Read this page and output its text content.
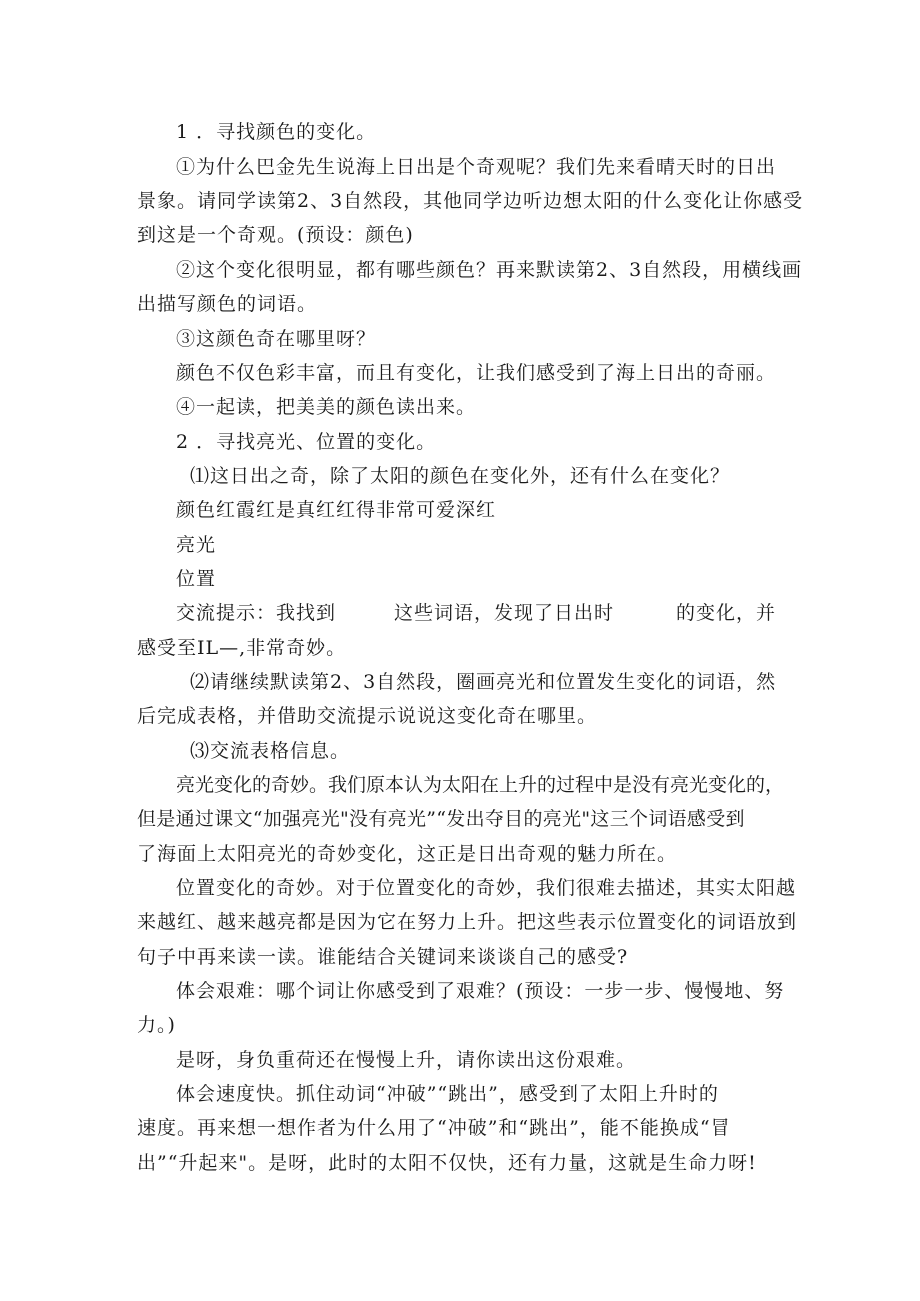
1 ．寻找颜色的变化。
①为什么巴金先生说海上日出是个奇观呢？我们先来看晴天时的日出
景象。请同学读第2、3自然段，其他同学边听边想太阳的什么变化让你感受
到这是一个奇观。(预设：颜色)
②这个变化很明显，都有哪些颜色？再来默读第2、3自然段，用横线画
出描写颜色的词语。
③这颜色奇在哪里呀？
颜色不仅色彩丰富，而且有变化，让我们感受到了海上日出的奇丽。
④一起读，把美美的颜色读出来。
2 ．寻找亮光、位置的变化。
⑴这日出之奇，除了太阳的颜色在变化外，还有什么在变化？
颜色红霞红是真红红得非常可爱深红
亮光
位置
交流提示：我找到	这些词语，发现了日出时	的变化，并
感受至IL—,非常奇妙。
⑵请继续默读第2、3自然段，圈画亮光和位置发生变化的词语，然
后完成表格，并借助交流提示说说这变化奇在哪里。
⑶交流表格信息。
亮光变化的奇妙。我们原本认为太阳在上升的过程中是没有亮光变化的，
但是通过课文“加强亮光"没有亮光”“发出夺目的亮光"这三个词语感受到
了海面上太阳亮光的奇妙变化，这正是日出奇观的魅力所在。
位置变化的奇妙。对于位置变化的奇妙，我们很难去描述，其实太阳越
来越红、越来越亮都是因为它在努力上升。把这些表示位置变化的词语放到
句子中再来读一读。谁能结合关键词来谈谈自己的感受?
体会艰难：哪个词让你感受到了艰难？(预设：一步一步、慢慢地、努
力。)
是呀，身负重荷还在慢慢上升，请你读出这份艰难。
体会速度快。抓住动词“冲破”“跳出”，感受到了太阳上升时的
速度。再来想一想作者为什么用了“冲破”和“跳出”，能不能换成“冒
出”“升起来"。是呀，此时的太阳不仅快，还有力量，这就是生命力呀!
